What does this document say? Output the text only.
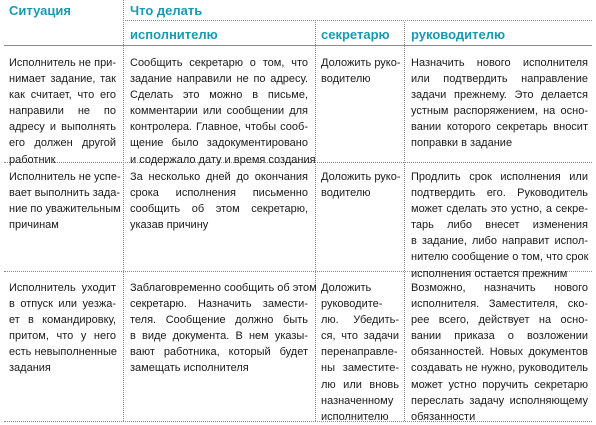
Ситуация	Что делать
исполнителю	секретарю руководителю
Исполнитель не при-
нимает задание, так
как считает, что его
направили не по
адресу и выполнять
его должен другой
работник
Сообщить секретарю о том, что
задание направили не по адресу.
Сделать это можно в письме,
комментарии или сообщении для
контролера. Главное, чтобы сооб-
щение было задокументировано
и содержало дату и время создания
Доложить руко-
водителю
Назначить нового исполнителя
или подтвердить направление
задачи прежнему. Это делается
устным распоряжением, на осно-
вании которого секретарь вносит
поправки в задание
Исполнитель не успе-
вает выполнить зада-
ние по уважительным
причинам
За несколько дней до окончания
срока исполнения письменно
сообщить об этом секретарю,
указав причину
Доложить руко-
водителю
Продлить срок исполнения или
подтвердить его. Руководитель
может сделать это устно, а секре-
тарь либо внесет изменения
в задание, либо направит испол-
нителю сообщение о том, что срок
исполнения остается прежним
Исполнитель уходит
в отпуск или уезжа-
ет в командировку,
притом, что у него
есть невыполненные
задания
Заблаговременно сообщить об этом
секретарю. Назначить замести-
теля. Сообщение должно быть
в виде документа. В нем указы-
вают работника, который будет
замещать исполнителя
Доложить
руководите-
лю. Убедить-
ся, что задачи
перенаправле-
ны заместите-
лю или вновь
назначенному
исполнителю
Возможно, назначить нового
исполнителя. Заместителя, ско-
рее всего, действует на осно-
вании приказа о возложении
обязанностей. Новых документов
создавать не нужно, руководитель
может устно поручить секретарю
переслать задачу исполняющему
обязанности
